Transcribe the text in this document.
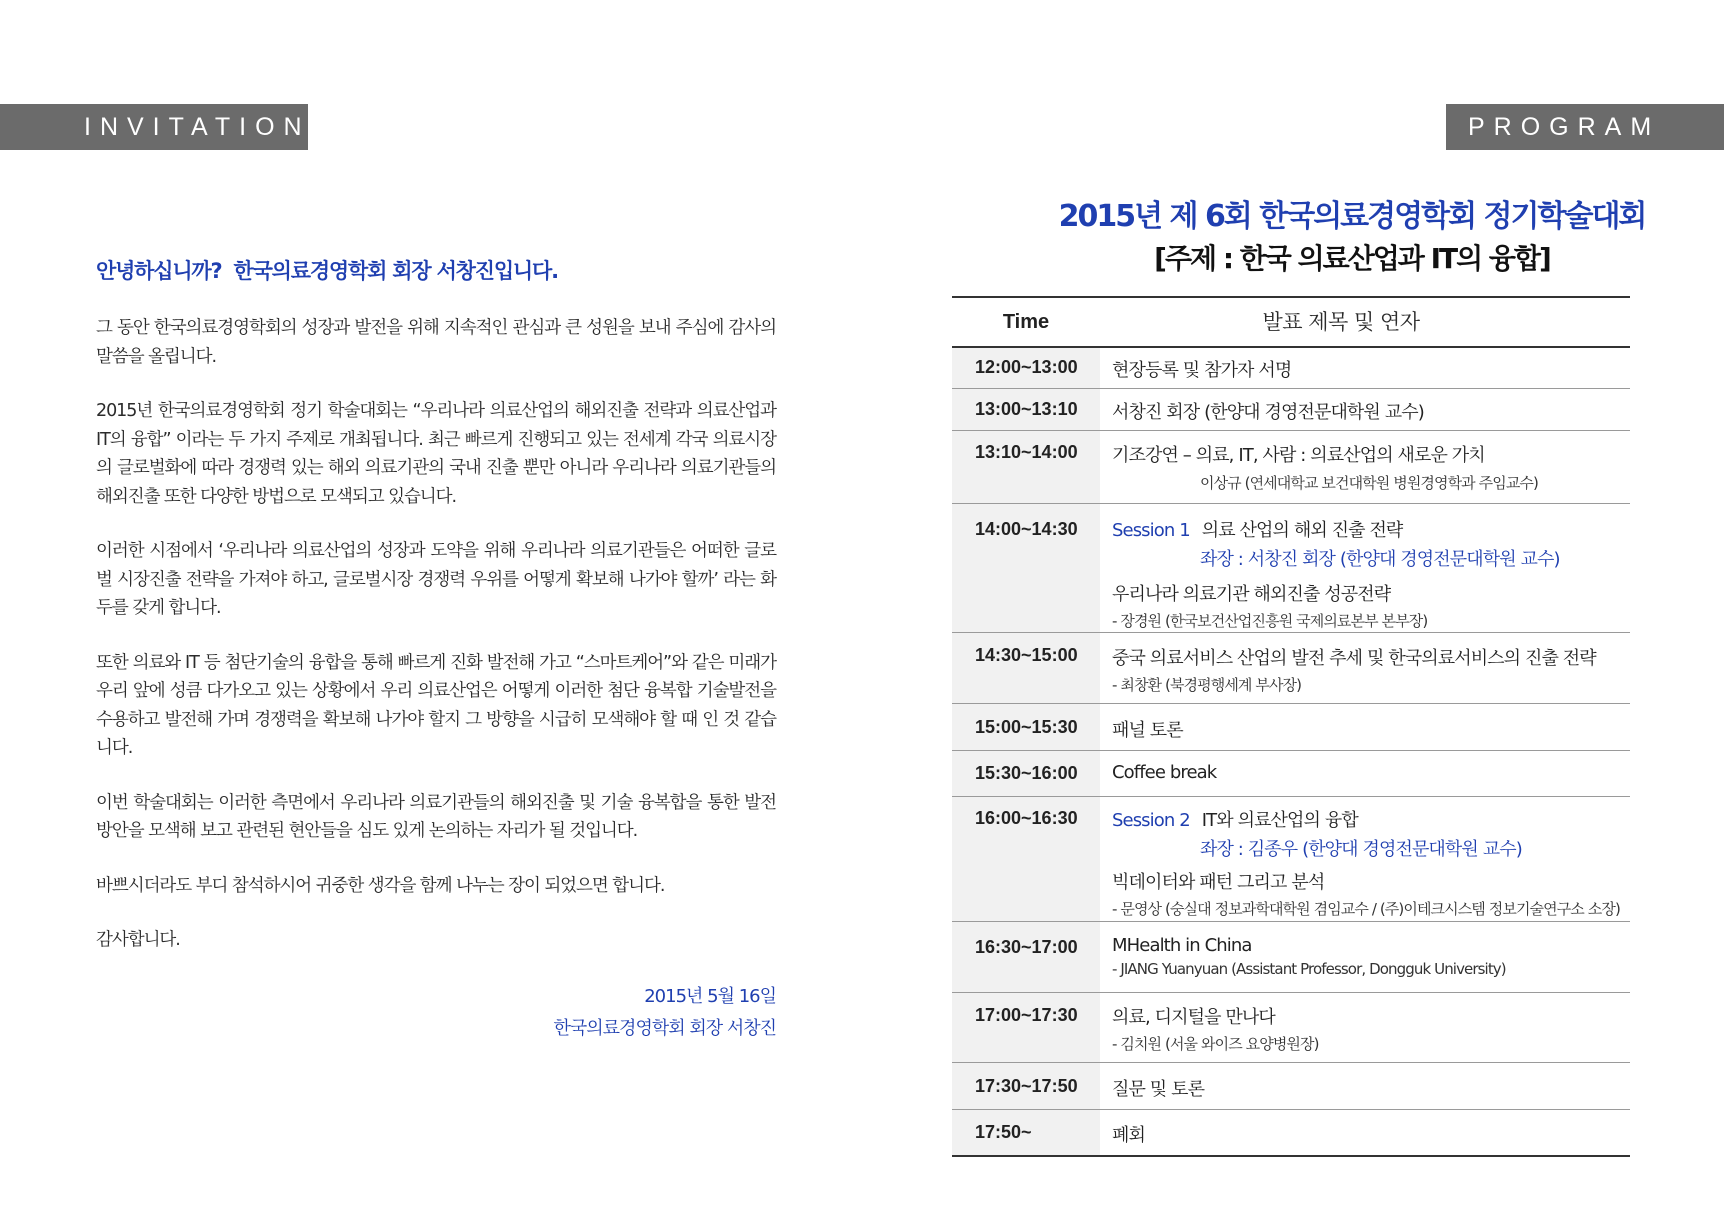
INVITATION	PROGRAM
안녕하십니까? 한국의료경영학회 회장 서창진입니다.

그 동안 한국의료경영학회의 성장과 발전을 위해 지속적인 관심과 큰 성원을 보내 주심에 감사의 말씀을 올립니다.

2015년 한국의료경영학회 정기 학술대회는 “우리나라 의료산업의 해외진출 전략과 의료산업과 IT의 융합” 이라는 두 가지 주제로 개최됩니다. 최근 빠르게 진행되고 있는 전세계 각국 의료시장의 글로벌화에 따라 경쟁력 있는 해외 의료기관의 국내 진출 뿐만 아니라 우리나라 의료기관들의 해외진출 또한 다양한 방법으로 모색되고 있습니다.

이러한 시점에서 ‘우리나라 의료산업의 성장과 도약을 위해 우리나라 의료기관들은 어떠한 글로벌 시장진출 전략을 가져야 하고, 글로벌시장 경쟁력 우위를 어떻게 확보해 나가야 할까’ 라는 화두를 갖게 합니다.

또한 의료와 IT 등 첨단기술의 융합을 통해 빠르게 진화 발전해 가고 “스마트케어”와 같은 미래가 우리 앞에 성큼 다가오고 있는 상황에서 우리 의료산업은 어떻게 이러한 첨단 융복합 기술발전을 수용하고 발전해 가며 경쟁력을 확보해 나가야 할지 그 방향을 시급히 모색해야 할 때 인 것 같습니다.

이번 학술대회는 이러한 측면에서 우리나라 의료기관들의 해외진출 및 기술 융복합을 통한 발전방안을 모색해 보고 관련된 현안들을 심도 있게 논의하는 자리가 될 것입니다.

바쁘시더라도 부디 참석하시어 귀중한 생각을 함께 나누는 장이 되었으면 합니다.

감사합니다.

2015년 5월 16일
한국의료경영학회 회장 서창진
2015년 제 6회 한국의료경영학회 정기학술대회
[주제 : 한국 의료산업과 IT의 융합]
Time	발표 제목 및 연자
12:00~13:00	현장등록 및 참가자 서명
13:00~13:10	서창진 회장 (한양대 경영전문대학원 교수)
13:10~14:00	기조강연 – 의료, IT, 사람 : 의료산업의 새로운 가치
이상규 (연세대학교 보건대학원 병원경영학과 주임교수)
14:00~14:30	Session 1 의료 산업의 해외 진출 전략
좌장 : 서창진 회장 (한양대 경영전문대학원 교수)
우리나라 의료기관 해외진출 성공전략
- 장경원 (한국보건산업진흥원 국제의료본부 본부장)
14:30~15:00	중국 의료서비스 산업의 발전 추세 및 한국의료서비스의 진출 전략
- 최창환 (북경평행세계 부사장)
15:00~15:30	패널 토론
15:30~16:00	Coffee break
16:00~16:30	Session 2 IT와 의료산업의 융합
좌장 : 김종우 (한양대 경영전문대학원 교수)
빅데이터와 패턴 그리고 분석
- 문영상 (숭실대 정보과학대학원 겸임교수 / (주)이테크시스템 정보기술연구소 소장)
16:30~17:00	MHealth in China
- JIANG Yuanyuan (Assistant Professor, Dongguk University)
17:00~17:30	의료, 디지털을 만나다
- 김치원 (서울 와이즈 요양병원장)
17:30~17:50	질문 및 토론
17:50~	폐회
